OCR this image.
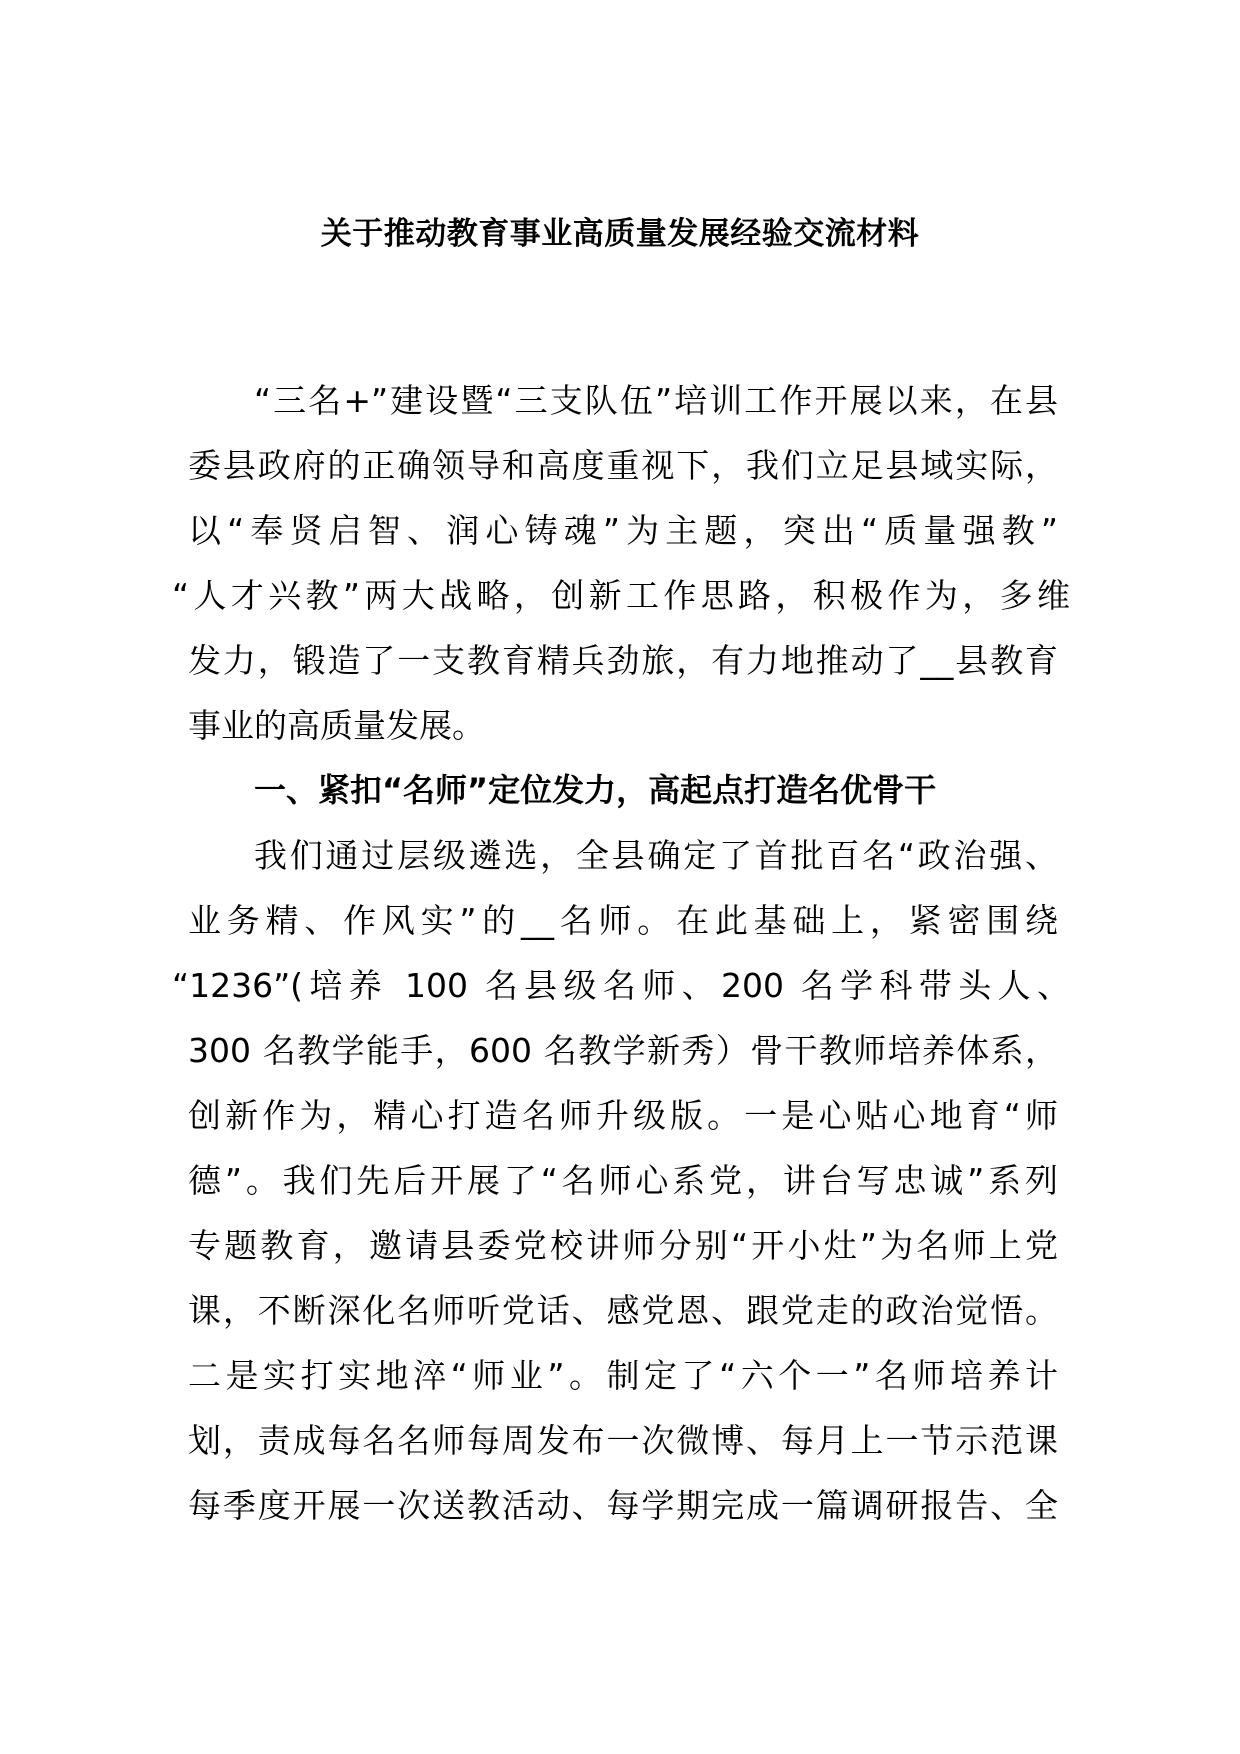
关于推动教育事业高质量发展经验交流材料
“三名+”建设暨“三支队伍”培训工作开展以来，在县
委县政府的正确领导和高度重视下，我们立足县域实际，
以“奉贤启智、润心铸魂”为主题，突出“质量强教”
“人才兴教”两大战略，创新工作思路，积极作为，多维
发力，锻造了一支教育精兵劲旅，有力地推动了__县教育
事业的高质量发展。
一、紧扣“名师”定位发力，高起点打造名优骨干
我们通过层级遴选，全县确定了首批百名“政治强、
业务精、作风实”的__名师。在此基础上，紧密围绕
“1236”(培养 100 名县级名师、200 名学科带头人、
300 名教学能手，600 名教学新秀）骨干教师培养体系，
创新作为，精心打造名师升级版。一是心贴心地育“师
德”。我们先后开展了“名师心系党，讲台写忠诚”系列
专题教育，邀请县委党校讲师分别“开小灶”为名师上党
课，不断深化名师听党话、感党恩、跟党走的政治觉悟。
二是实打实地淬“师业”。制定了“六个一”名师培养计
划，责成每名名师每周发布一次微博、每月上一节示范课
每季度开展一次送教活动、每学期完成一篇调研报告、全
